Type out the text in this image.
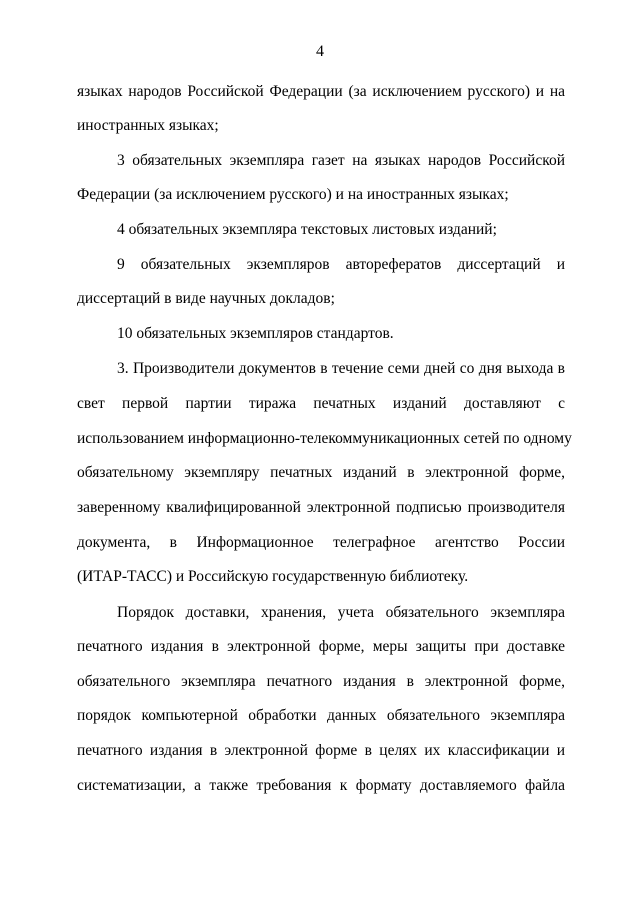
4
языках народов Российской Федерации (за исключением русского) и на
иностранных языках;
3 обязательных экземпляра газет на языках народов Российской
Федерации (за исключением русского) и на иностранных языках;
4 обязательных экземпляра текстовых листовых изданий;
9 обязательных экземпляров авторефератов диссертаций и
диссертаций в виде научных докладов;
10 обязательных экземпляров стандартов.
3. Производители документов в течение семи дней со дня выхода в
свет первой партии тиража печатных изданий доставляют с
использованием информационно-телекоммуникационных сетей по одному
обязательному экземпляру печатных изданий в электронной форме,
заверенному квалифицированной электронной подписью производителя
документа, в Информационное телеграфное агентство России
(ИТАР-ТАСС) и Российскую государственную библиотеку.
Порядок доставки, хранения, учета обязательного экземпляра
печатного издания в электронной форме, меры защиты при доставке
обязательного экземпляра печатного издания в электронной форме,
порядок компьютерной обработки данных обязательного экземпляра
печатного издания в электронной форме в целях их классификации и
систематизации, а также требования к формату доставляемого файла
